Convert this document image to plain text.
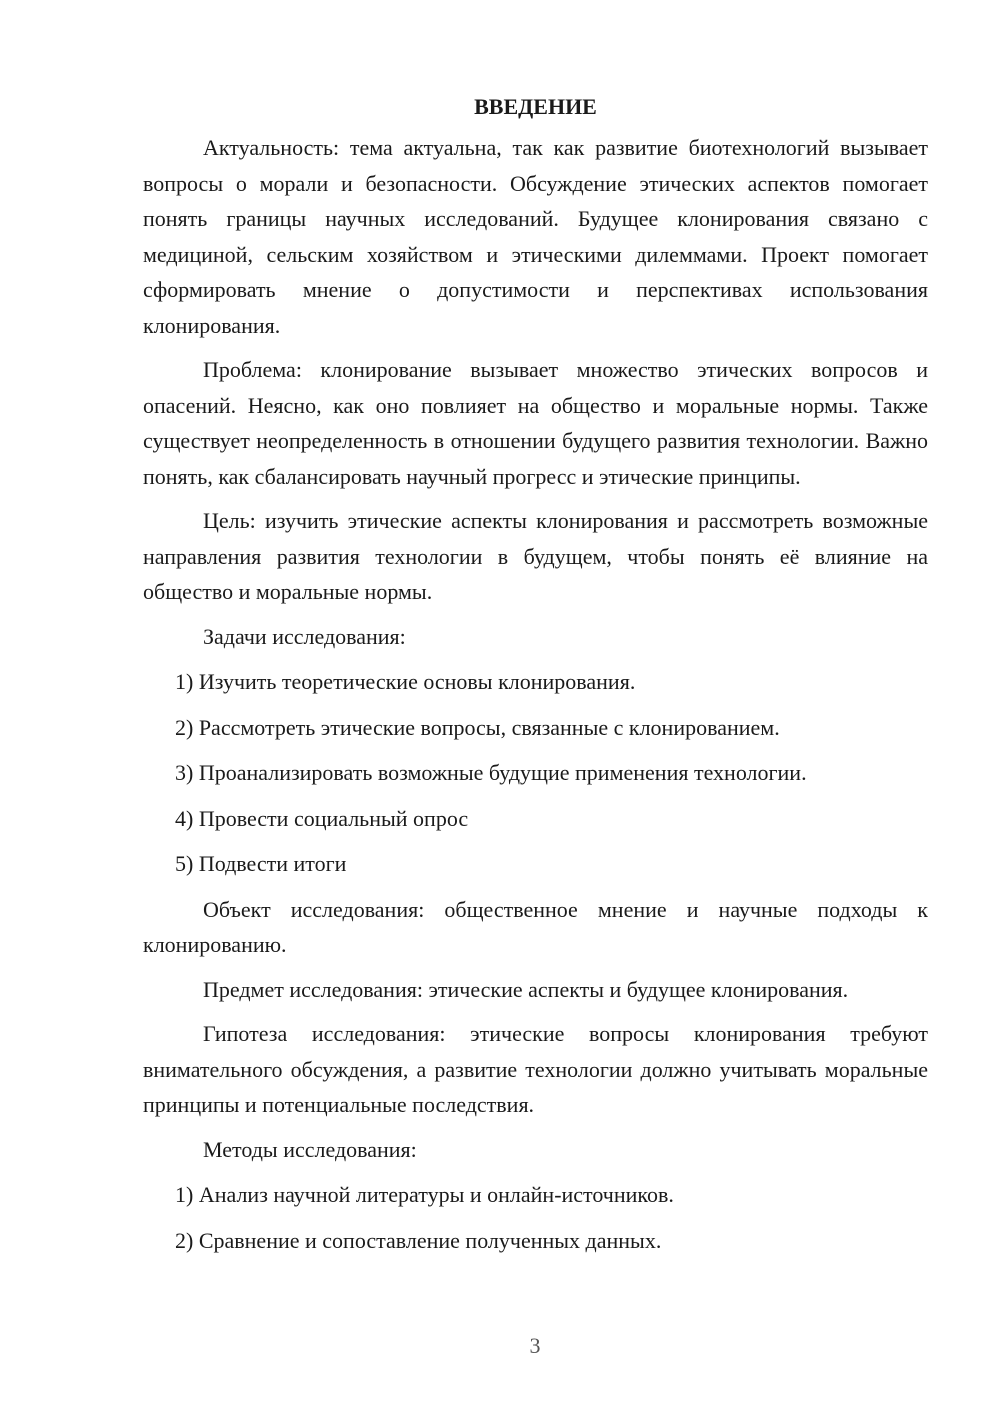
ВВЕДЕНИЕ

Актуальность: тема актуальна, так как развитие биотехнологий вызывает вопросы о морали и безопасности. Обсуждение этических аспектов помогает понять границы научных исследований. Будущее клонирования связано с медициной, сельским хозяйством и этическими дилеммами. Проект помогает сформировать мнение о допустимости и перспективах использования клонирования.

Проблема: клонирование вызывает множество этических вопросов и опасений. Неясно, как оно повлияет на общество и моральные нормы. Также существует неопределенность в отношении будущего развития технологии. Важно понять, как сбалансировать научный прогресс и этические принципы.

Цель: изучить этические аспекты клонирования и рассмотреть возможные направления развития технологии в будущем, чтобы понять её влияние на общество и моральные нормы.

Задачи исследования:

1) Изучить теоретические основы клонирования.

2) Рассмотреть этические вопросы, связанные с клонированием.

3) Проанализировать возможные будущие применения технологии.

4) Провести социальный опрос

5) Подвести итоги

Объект исследования: общественное мнение и научные подходы к клонированию.

Предмет исследования: этические аспекты и будущее клонирования.

Гипотеза исследования: этические вопросы клонирования требуют внимательного обсуждения, а развитие технологии должно учитывать моральные принципы и потенциальные последствия.

Методы исследования:

1) Анализ научной литературы и онлайн-источников.

2) Сравнение и сопоставление полученных данных.

3
